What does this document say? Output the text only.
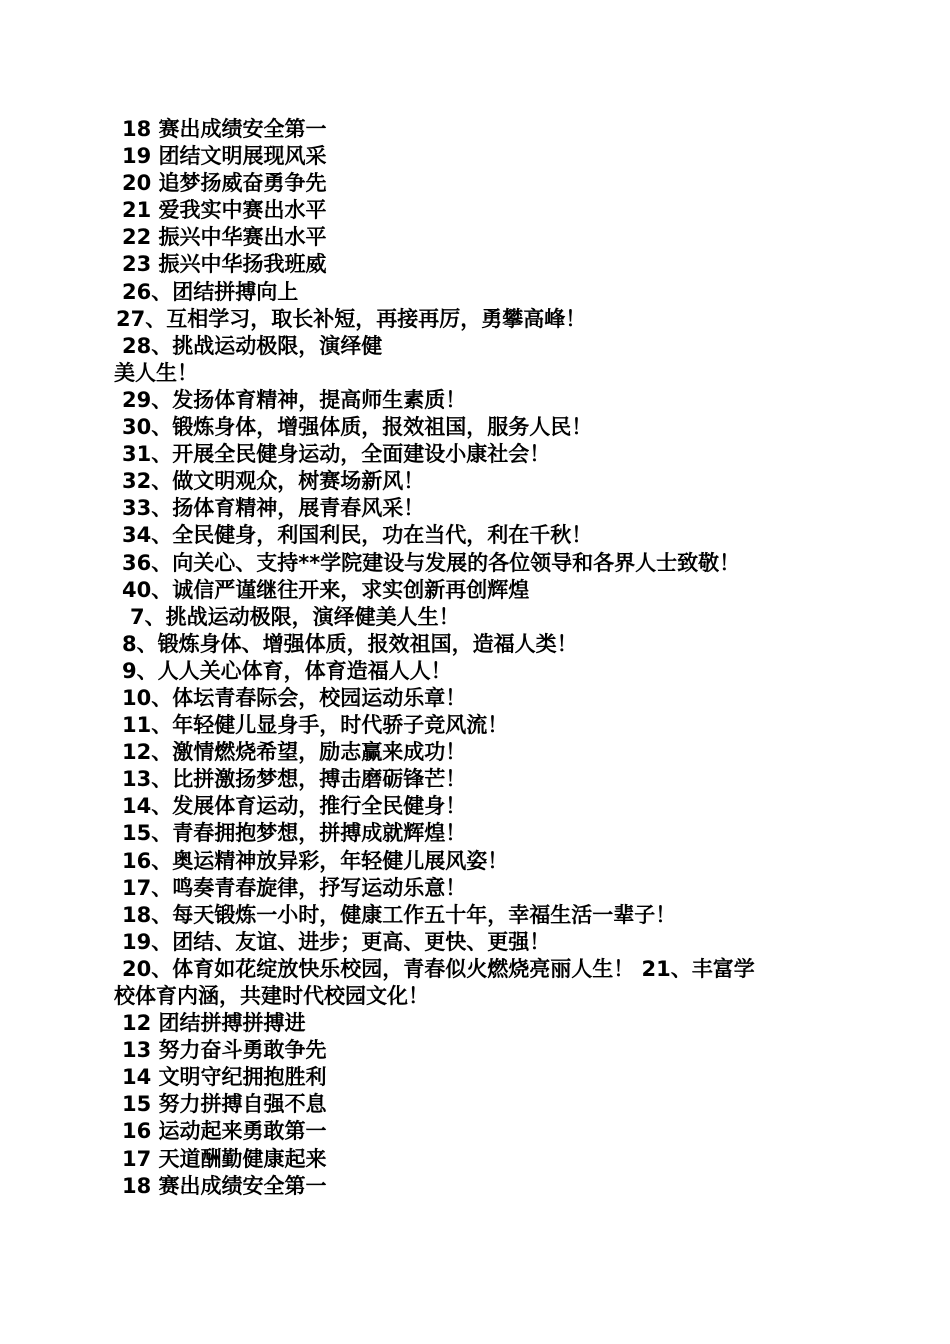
18 赛出成绩安全第一
19 团结文明展现风采
20 追梦扬威奋勇争先
21 爱我实中赛出水平
22 振兴中华赛出水平
23 振兴中华扬我班威
26、团结拼搏向上
27、互相学习，取长补短，再接再厉，勇攀高峰！
28、挑战运动极限，演绎健
美人生！
29、发扬体育精神，提高师生素质！
30、锻炼身体，增强体质，报效祖国，服务人民！
31、开展全民健身运动，全面建设小康社会！
32、做文明观众，树赛场新风！
33、扬体育精神，展青春风采！
34、全民健身，利国利民，功在当代，利在千秋！
36、向关心、支持**学院建设与发展的各位领导和各界人士致敬！
40、诚信严谨继往开来，求实创新再创辉煌
7、挑战运动极限，演绎健美人生！
8、锻炼身体、增强体质，报效祖国，造福人类！
9、人人关心体育，体育造福人人！
10、体坛青春际会，校园运动乐章！
11、年轻健儿显身手，时代骄子竞风流！
12、激情燃烧希望，励志赢来成功！
13、比拼激扬梦想，搏击磨砺锋芒！
14、发展体育运动，推行全民健身！
15、青春拥抱梦想，拼搏成就辉煌！
16、奥运精神放异彩，年轻健儿展风姿！
17、鸣奏青春旋律，抒写运动乐意！
18、每天锻炼一小时，健康工作五十年，幸福生活一辈子！
19、团结、友谊、进步；更高、更快、更强！
20、体育如花绽放快乐校园，青春似火燃烧亮丽人生！ 21、丰富学
校体育内涵，共建时代校园文化！
12 团结拼搏拼搏进
13 努力奋斗勇敢争先
14 文明守纪拥抱胜利
15 努力拼搏自强不息
16 运动起来勇敢第一
17 天道酬勤健康起来
18 赛出成绩安全第一
